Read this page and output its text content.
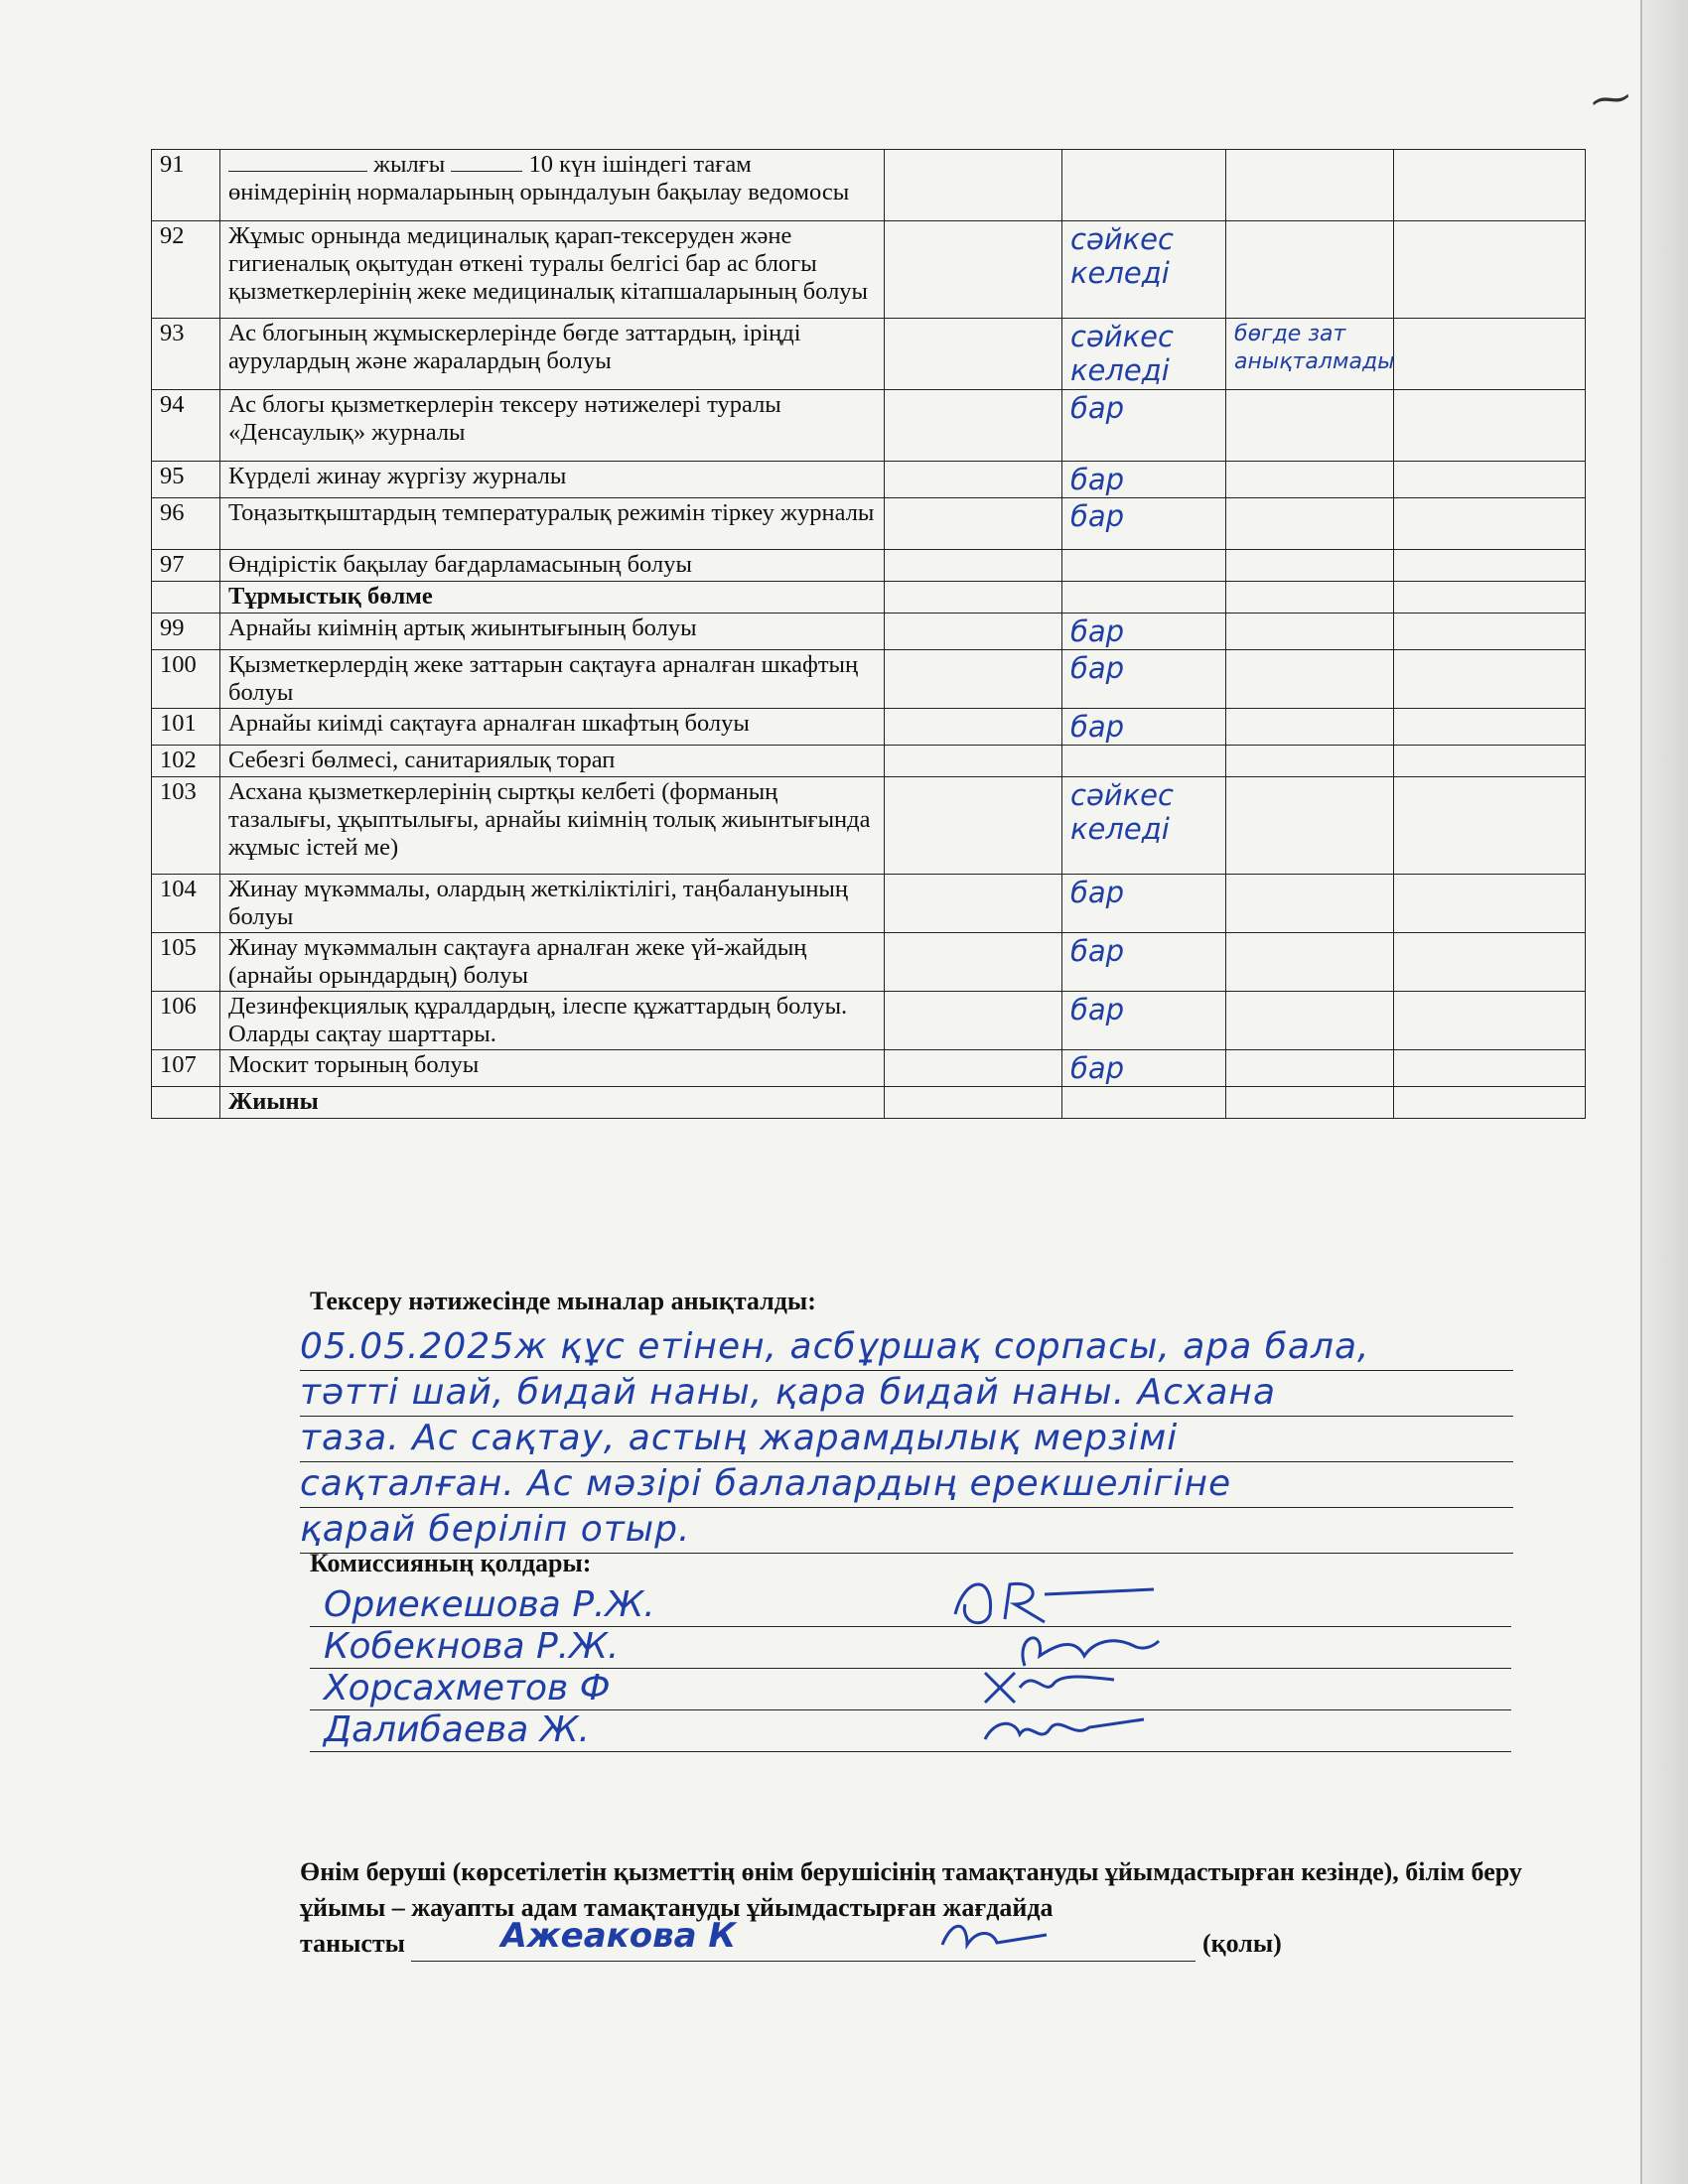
⁓
91	жылғы 10 күн ішіндегі тағам өнімдерінің нормаларының орындалуын бақылау ведомосы				
92	Жұмыс орнында медициналық қарап-тексеруден және гигиеналық оқытудан өткені туралы белгісі бар ас блогы қызметкерлерінің жеке медициналық кітапшаларының болуы		сәйкес келеді		
93	Ас блогының жұмыскерлерінде бөгде заттардың, іріңді аурулардың және жаралардың болуы		сәйкес келеді	бөгде зат анықталмады	
94	Ас блогы қызметкерлерін тексеру нәтижелері туралы «Денсаулық» журналы		бар		
95	Күрделі жинау жүргізу журналы		бар		
96	Тоңазытқыштардың температуралық режимін тіркеу журналы		бар		
97	Өндірістік бақылау бағдарламасының болуы				
	Тұрмыстық бөлме				
99	Арнайы киімнің артық жиынтығының болуы		бар		
100	Қызметкерлердің жеке заттарын сақтауға арналған шкафтың болуы		бар		
101	Арнайы киімді сақтауға арналған шкафтың болуы		бар		
102	Себезгі бөлмесі, санитариялық торап				
103	Асхана қызметкерлерінің сыртқы келбеті (форманың тазалығы, ұқыптылығы, арнайы киімнің толық жиынтығында жұмыс істей ме)		сәйкес келеді		
104	Жинау мүкәммалы, олардың жеткіліктілігі, таңбалануының болуы		бар		
105	Жинау мүкәммалын сақтауға арналған жеке үй-жайдың (арнайы орындардың) болуы		бар		
106	Дезинфекциялық құралдардың, ілеспе құжаттардың болуы. Оларды сақтау шарттары.		бар		
107	Москит торының болуы		бар		
	Жиыны				
Тексеру нәтижесінде мыналар анықталды:
05.05.2025ж құс етінен, асбұршақ сорпасы, ара бала,
тәтті шай, бидай наны, қара бидай наны. Асхана
таза. Ас сақтау, астың жарамдылық мерзімі
сақталған. Ас мәзірі балалардың ерекшелігіне
қарай беріліп отыр.
Комиссияның қолдары:
Ориекешова Р.Ж.
Кобекнова Р.Ж.
Хорсахметов Ф
Далибаева Ж.
Өнім беруші (көрсетілетін қызметтің өнім берушісінің тамақтануды ұйымдастырған кезінде), білім беру ұйымы – жауапты адам тамақтануды ұйымдастырған жағдайда
танысты	Ажеакова К	(қолы)
